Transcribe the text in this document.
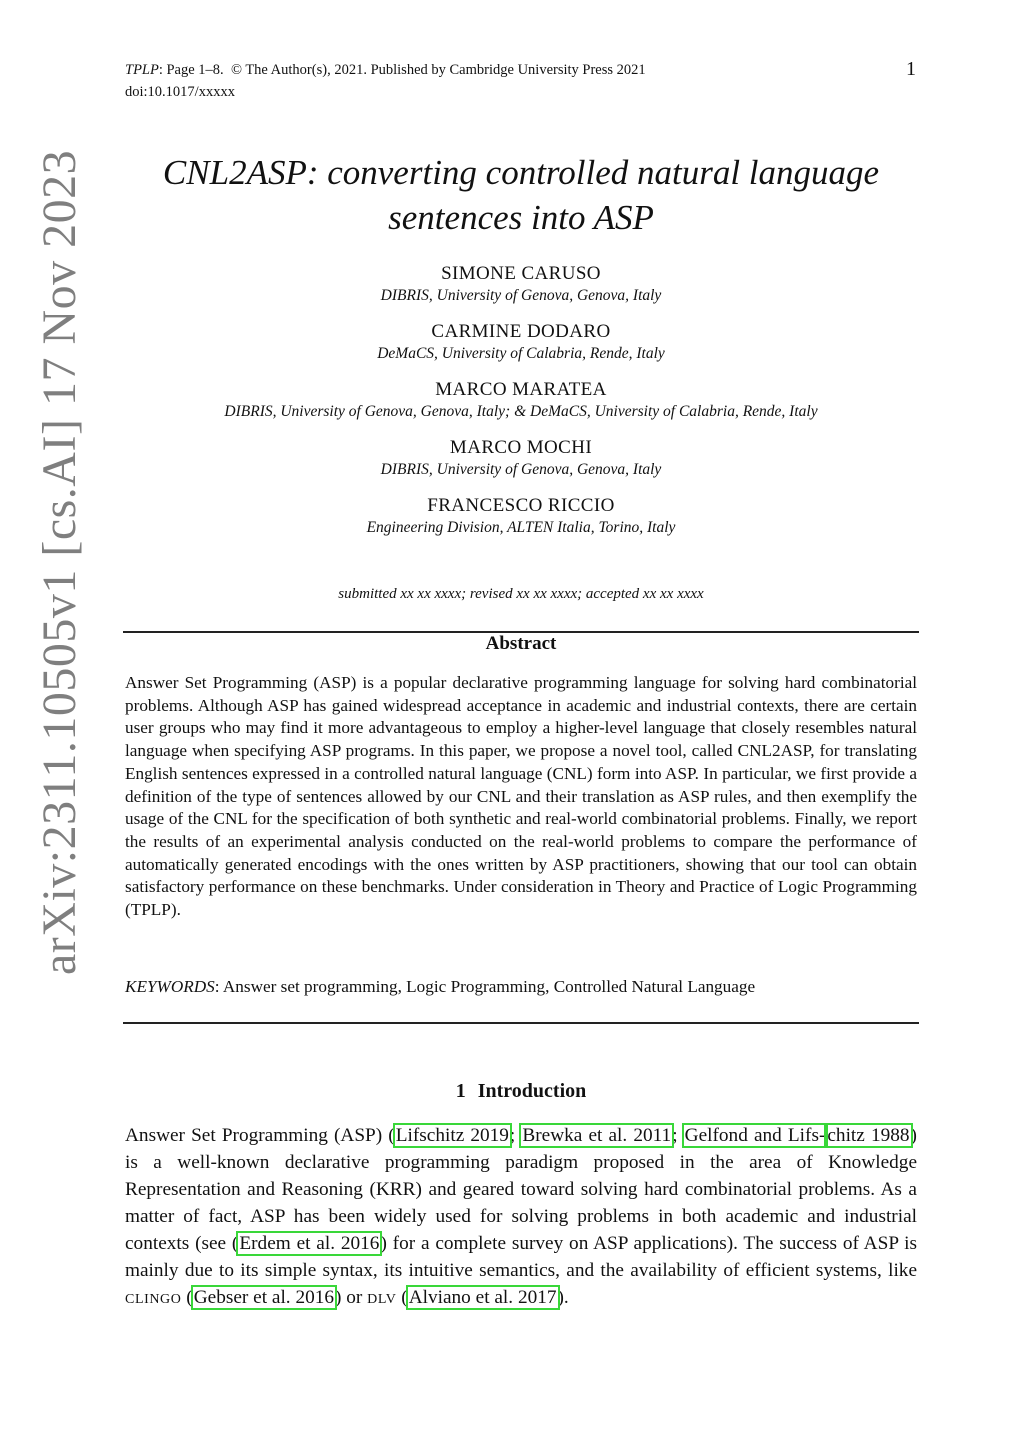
TPLP: Page 1–8. © The Author(s), 2021. Published by Cambridge University Press 2021	1
doi:10.1017/xxxxx
arXiv:2311.10505v1 [cs.AI] 17 Nov 2023	CNL2ASP: converting controlled natural language
sentences into ASP
SIMONE CARUSO
DIBRIS, University of Genova, Genova, Italy
CARMINE DODARO
DeMaCS, University of Calabria, Rende, Italy
MARCO MARATEA
DIBRIS, University of Genova, Genova, Italy; & DeMaCS, University of Calabria, Rende, Italy
MARCO MOCHI
DIBRIS, University of Genova, Genova, Italy
FRANCESCO RICCIO
Engineering Division, ALTEN Italia, Torino, Italy
submitted xx xx xxxx; revised xx xx xxxx; accepted xx xx xxxx
Abstract
Answer Set Programming (ASP) is a popular declarative programming language for solving hard combinatorial problems. Although ASP has gained widespread acceptance in academic and industrial contexts, there are certain user groups who may find it more advantageous to employ a higher-level language that closely resembles natural language when specifying ASP programs. In this paper, we propose a novel tool, called CNL2ASP, for translating English sentences expressed in a controlled natural language (CNL) form into ASP. In particular, we first provide a definition of the type of sentences allowed by our CNL and their translation as ASP rules, and then exemplify the usage of the CNL for the specification of both synthetic and real-world combinatorial problems. Finally, we report the results of an experimental analysis conducted on the real-world problems to compare the performance of automatically generated encodings with the ones written by ASP practitioners, showing that our tool can obtain satisfactory performance on these benchmarks. Under consideration in Theory and Practice of Logic Programming (TPLP).
KEYWORDS: Answer set programming, Logic Programming, Controlled Natural Language
1 Introduction
Answer Set Programming (ASP) (Lifschitz 2019; Brewka et al. 2011; Gelfond and Lifs- chitz 1988) is a well-known declarative programming paradigm proposed in the area of Knowledge Representation and Reasoning (KRR) and geared toward solving hard combinatorial problems. As a matter of fact, ASP has been widely used for solving problems in both academic and industrial contexts (see (Erdem et al. 2016) for a complete survey on ASP applications). The success of ASP is mainly due to its simple syntax, its intuitive semantics, and the availability of efficient systems, like clingo (Gebser et al. 2016) or dlv (Alviano et al. 2017).
